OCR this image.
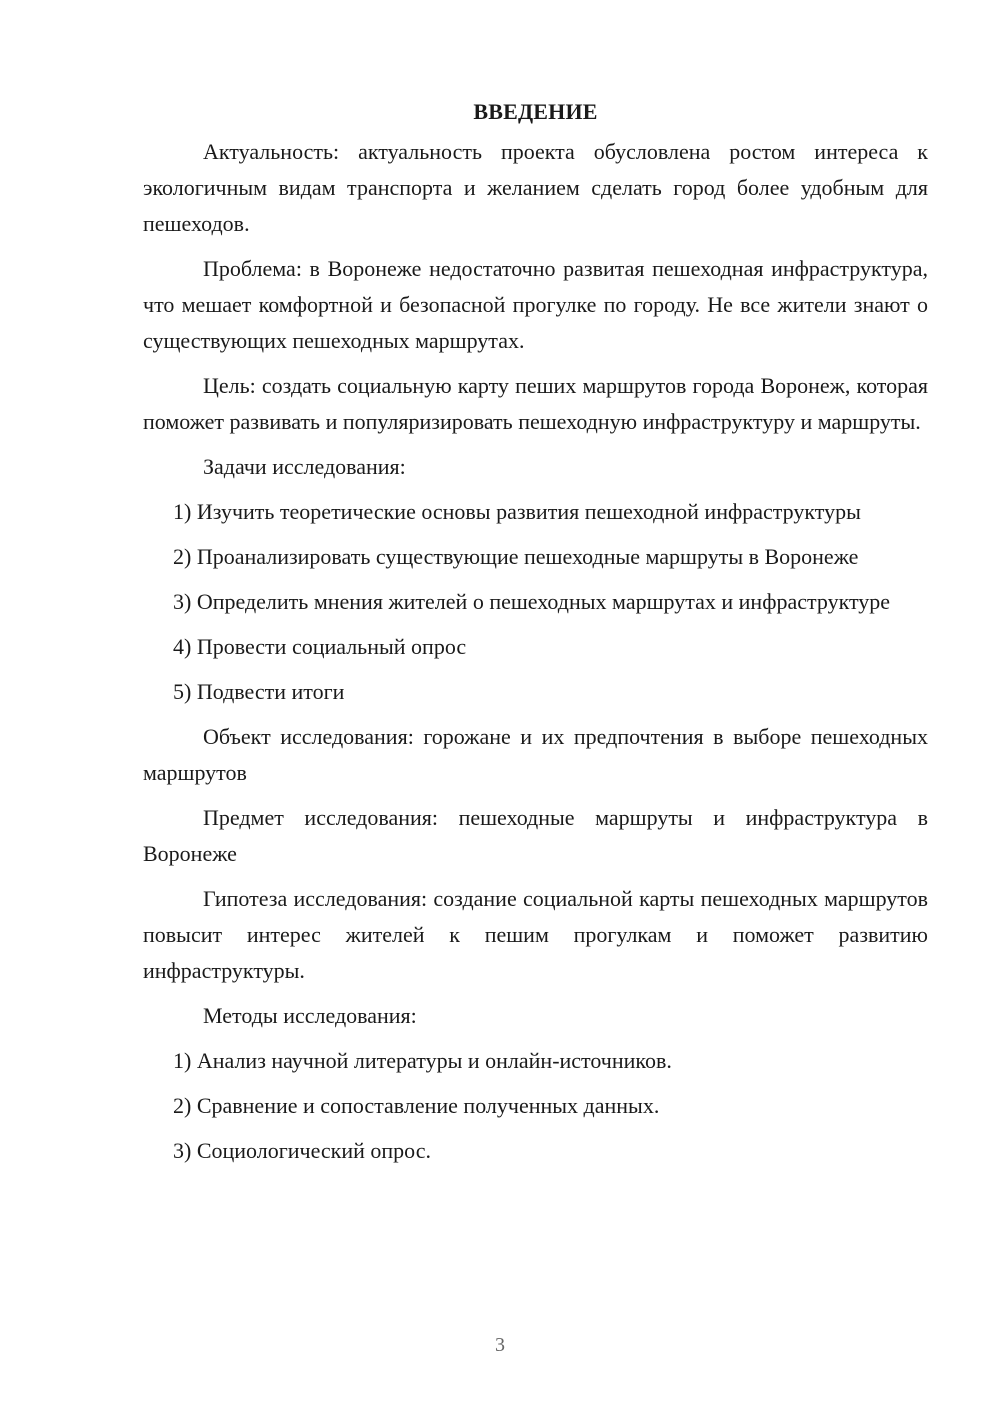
ВВЕДЕНИЕ

Актуальность: актуальность проекта обусловлена ростом интереса к экологичным видам транспорта и желанием сделать город более удобным для пешеходов.

Проблема: в Воронеже недостаточно развитая пешеходная инфраструктура, что мешает комфортной и безопасной прогулке по городу. Не все жители знают о существующих пешеходных маршрутах.

Цель: создать социальную карту пеших маршрутов города Воронеж, которая поможет развивать и популяризировать пешеходную инфраструктуру и маршруты.

Задачи исследования:

1) Изучить теоретические основы развития пешеходной инфраструктуры

2) Проанализировать существующие пешеходные маршруты в Воронеже

3) Определить мнения жителей о пешеходных маршрутах и инфраструктуре

4) Провести социальный опрос

5) Подвести итоги

Объект исследования: горожане и их предпочтения в выборе пешеходных маршрутов

Предмет исследования: пешеходные маршруты и инфраструктура в Воронеже

Гипотеза исследования: создание социальной карты пешеходных маршрутов повысит интерес жителей к пешим прогулкам и поможет развитию инфраструктуры.

Методы исследования:

1) Анализ научной литературы и онлайн-источников.

2) Сравнение и сопоставление полученных данных.

3) Социологический опрос.

3
